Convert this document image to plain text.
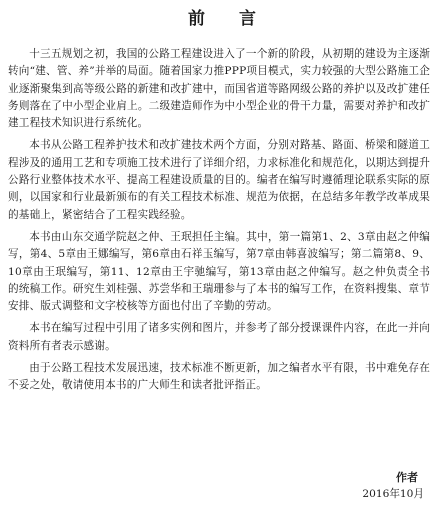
前 言

十三五规划之初，我国的公路工程建设进入了一个新的阶段，从初期的建设为主逐渐转向“建、管、养”并举的局面。随着国家力推PPP项目模式，实力较强的大型公路施工企业逐渐聚集到高等级公路的新建和改扩建中，而国省道等路网级公路的养护以及改扩建任务则落在了中小型企业肩上。二级建造师作为中小型企业的骨干力量，需要对养护和改扩建工程技术知识进行系统化。

本书从公路工程养护技术和改扩建技术两个方面，分别对路基、路面、桥梁和隧道工程涉及的通用工艺和专项施工技术进行了详细介绍，力求标准化和规范化，以期达到提升公路行业整体技术水平、提高工程建设质量的目的。编者在编写时遵循理论联系实际的原则，以国家和行业最新颁布的有关工程技术标准、规范为依据，在总结多年教学改革成果的基础上，紧密结合了工程实践经验。

本书由山东交通学院赵之仲、王珉担任主编。其中，第一篇第1、2、3章由赵之仲编写，第4、5章由王娜编写，第6章由石祥玉编写，第7章由韩喜波编写；第二篇第8、9、10章由王珉编写，第11、12章由王宇驰编写，第13章由赵之仲编写。赵之仲负责全书的统稿工作。研究生刘桂强、苏尝华和王瑞珊参与了本书的编写工作，在资料搜集、章节安排、版式调整和文字校核等方面也付出了辛勤的劳动。

本书在编写过程中引用了诸多实例和图片，并参考了部分授课课件内容，在此一并向资料所有者表示感谢。

由于公路工程技术发展迅速，技术标准不断更新，加之编者水平有限，书中难免存在不妥之处，敬请使用本书的广大师生和读者批评指正。

作者
2016年10月
